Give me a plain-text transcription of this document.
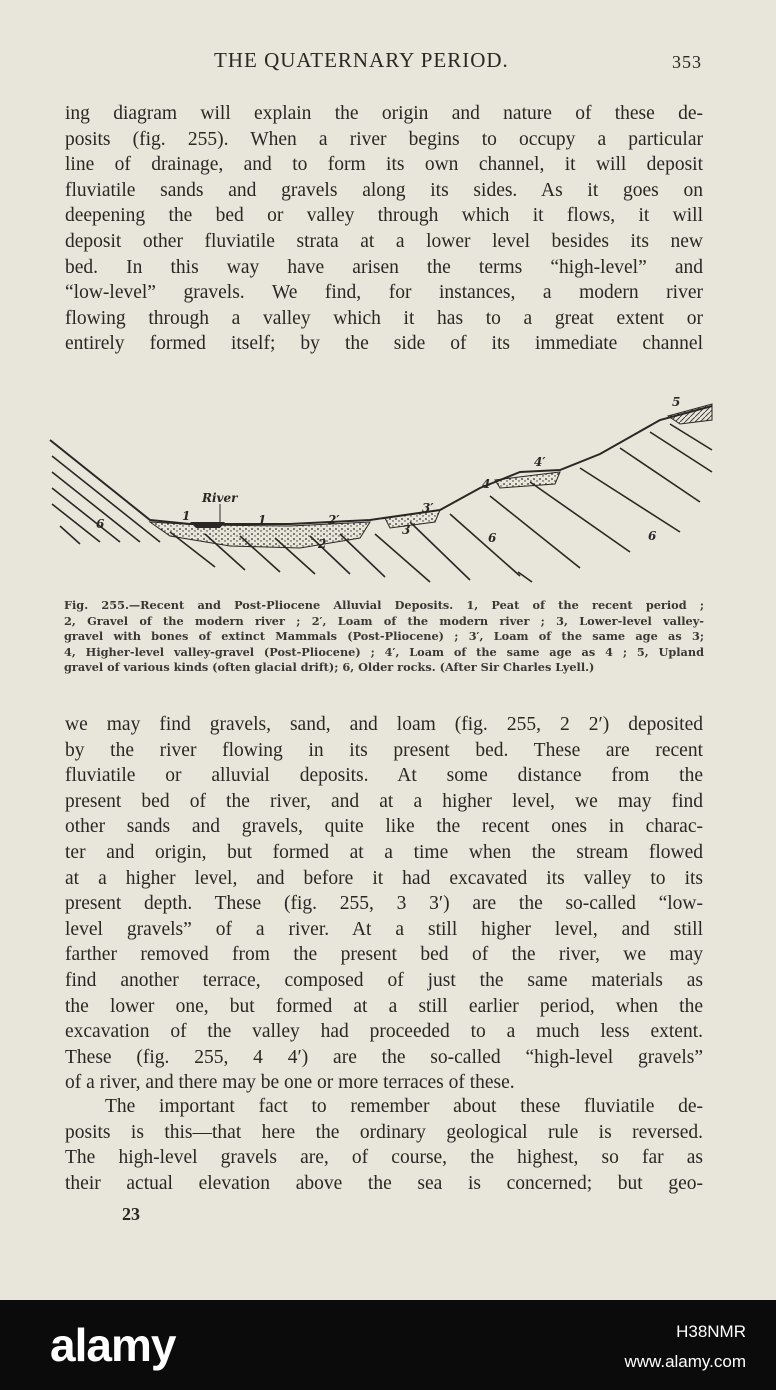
THE QUATERNARY PERIOD.	353
ing diagram will explain the origin and nature of these de-
posits (fig. 255). When a river begins to occupy a particular
line of drainage, and to form its own channel, it will deposit
fluviatile sands and gravels along its sides. As it goes on
deepening the bed or valley through which it flows, it will
deposit other fluviatile strata at a lower level besides its new
bed. In this way have arisen the terms “high-level” and
“low-level” gravels. We find, for instances, a modern river
flowing through a valley which it has to a great extent or
entirely formed itself; by the side of its immediate channel
River
1	1	2′
2
3′
3
4′
4
5
6
6	6
Fig. 255.—Recent and Post-Pliocene Alluvial Deposits. 1, Peat of the recent period ;
2, Gravel of the modern river ; 2′, Loam of the modern river ; 3, Lower-level valley-
gravel with bones of extinct Mammals (Post-Pliocene) ; 3′, Loam of the same age as 3;
4, Higher-level valley-gravel (Post-Pliocene) ; 4′, Loam of the same age as 4 ; 5, Upland
gravel of various kinds (often glacial drift); 6, Older rocks. (After Sir Charles Lyell.)
we may find gravels, sand, and loam (fig. 255, 2 2′) deposited
by the river flowing in its present bed. These are recent
fluviatile or alluvial deposits. At some distance from the
present bed of the river, and at a higher level, we may find
other sands and gravels, quite like the recent ones in charac-
ter and origin, but formed at a time when the stream flowed
at a higher level, and before it had excavated its valley to its
present depth. These (fig. 255, 3 3′) are the so-called “low-
level gravels” of a river. At a still higher level, and still
farther removed from the present bed of the river, we may
find another terrace, composed of just the same materials as
the lower one, but formed at a still earlier period, when the
excavation of the valley had proceeded to a much less extent.
These (fig. 255, 4 4′) are the so-called “high-level gravels”
of a river, and there may be one or more terraces of these.
The important fact to remember about these fluviatile de-
posits is this—that here the ordinary geological rule is reversed.
The high-level gravels are, of course, the highest, so far as
their actual elevation above the sea is concerned; but geo-
23
alamy	H38NMR
www.alamy.com
